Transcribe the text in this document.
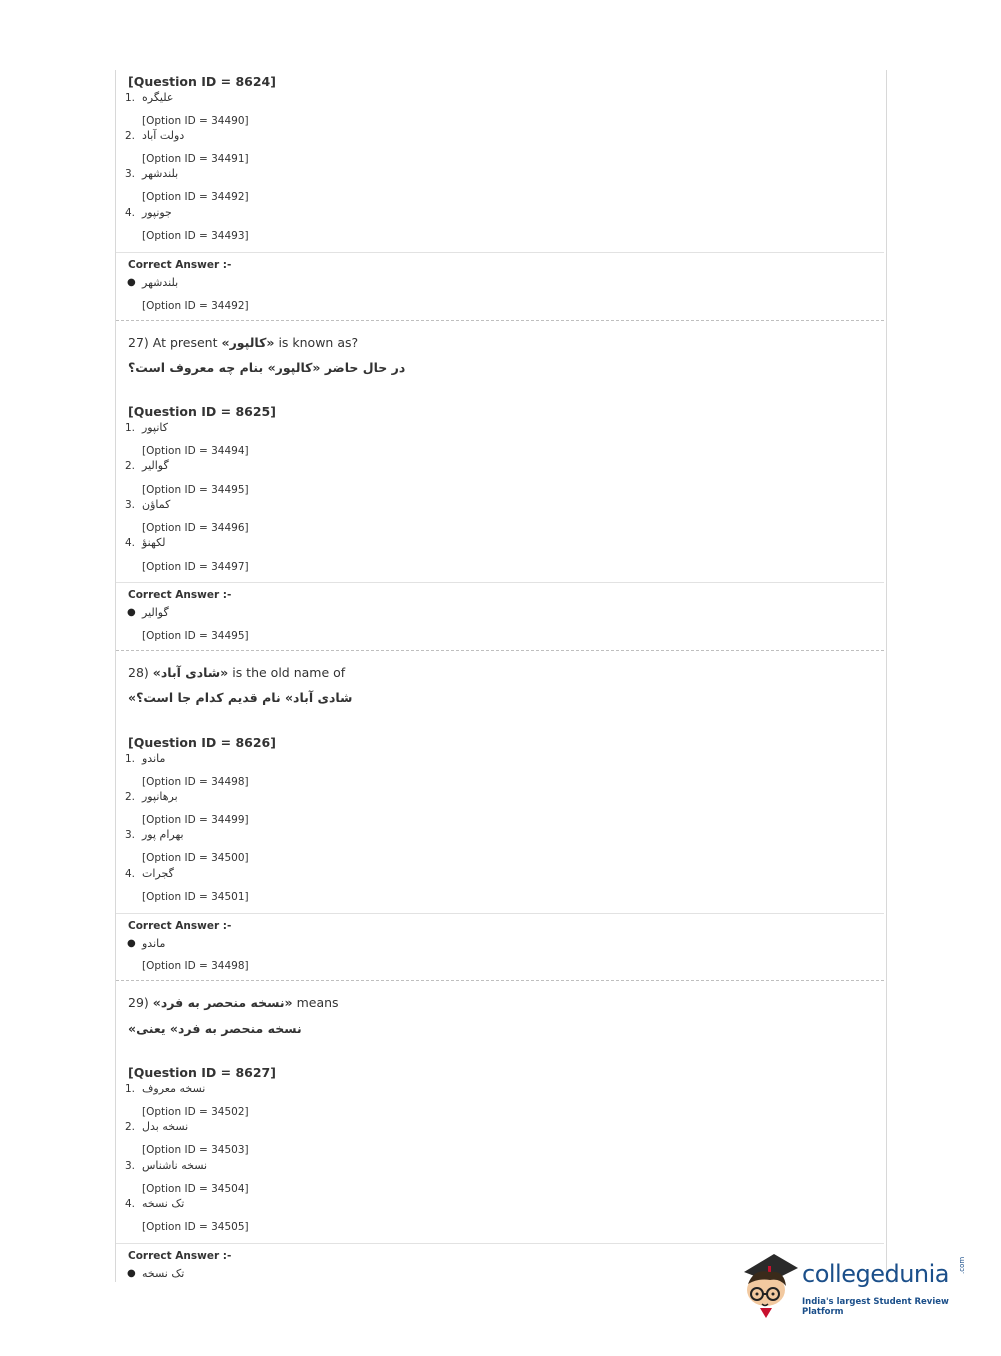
[Question ID = 8624]
1. علیگره
[Option ID = 34490]
2. دولت آباد
[Option ID = 34491]
3. بلندشهر
[Option ID = 34492]
4. جونپور
[Option ID = 34493]
Correct Answer :-
● بلندشهر
[Option ID = 34492]
27) At present «کالپور» is known as?
در حال حاضر «کالپور» بنام چه معروف است؟
[Question ID = 8625]
1. کانپور
[Option ID = 34494]
2. گوالیر
[Option ID = 34495]
3. کماؤن
[Option ID = 34496]
4. لکھنؤ
[Option ID = 34497]
Correct Answer :-
● گوالیر
[Option ID = 34495]
28) «شادی آباد» is the old name of
«شادی آباد» نام قدیم کدام جا است؟
[Question ID = 8626]
1. ماندو
[Option ID = 34498]
2. برهانپور
[Option ID = 34499]
3. بهرام پور
[Option ID = 34500]
4. گجرات
[Option ID = 34501]
Correct Answer :-
● ماندو
[Option ID = 34498]
29) «نسخه منحصر به فرد» means
«نسخه منحصر به فرد» یعنی
[Question ID = 8627]
1. نسخه معروف
[Option ID = 34502]
2. نسخه بدل
[Option ID = 34503]
3. نسخه ناشناس
[Option ID = 34504]
4. تک نسخه
[Option ID = 34505]
Correct Answer :-
● تک نسخه	collegedunia .com
India's largest Student Review Platform
